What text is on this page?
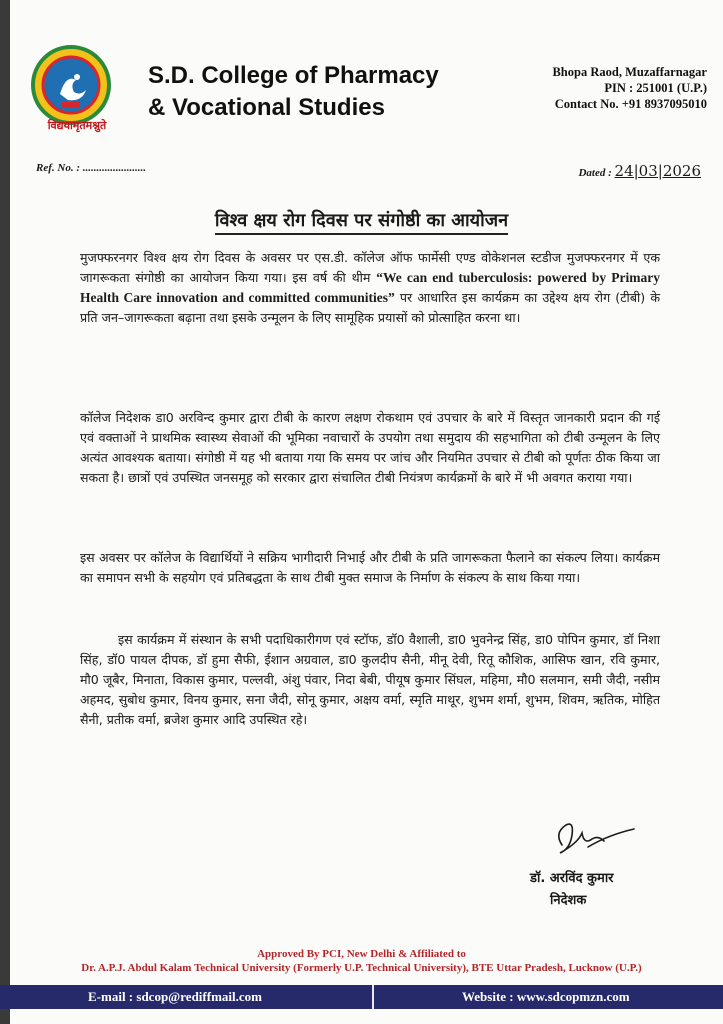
विद्ययामृतमश्नुते
S.D. College of Pharmacy
& Vocational Studies
Bhopa Raod, Muzaffarnagar
PIN : 251001 (U.P.)
Contact No. +91 8937095010
Ref. No. : .......................	Dated : 24|03|2026
विश्व क्षय रोग दिवस पर संगोष्ठी का आयोजन
मुजफ्फरनगर विश्व क्षय रोग दिवस के अवसर पर एस.डी. कॉलेज ऑफ फार्मेसी एण्ड वोकेशनल स्टडीज मुजफ्फरनगर में एक जागरूकता संगोष्ठी का आयोजन किया गया। इस वर्ष की थीम “We can end tuberculosis: powered by Primary Health Care innovation and committed communities” पर आधारित इस कार्यक्रम का उद्देश्य क्षय रोग (टीबी) के प्रति जन–जागरूकता बढ़ाना तथा इसके उन्मूलन के लिए सामूहिक प्रयासों को प्रोत्साहित करना था।
कॉलेज निदेशक डा0 अरविन्द कुमार द्वारा टीबी के कारण लक्षण रोकथाम एवं उपचार के बारे में विस्तृत जानकारी प्रदान की गई एवं वक्ताओं ने प्राथमिक स्वास्थ्य सेवाओं की भूमिका नवाचारों के उपयोग तथा समुदाय की सहभागिता को टीबी उन्मूलन के लिए अत्यंत आवश्यक बताया। संगोष्ठी में यह भी बताया गया कि समय पर जांच और नियमित उपचार से टीबी को पूर्णतः ठीक किया जा सकता है। छात्रों एवं उपस्थित जनसमूह को सरकार द्वारा संचालित टीबी नियंत्रण कार्यक्रमों के बारे में भी अवगत कराया गया।
इस अवसर पर कॉलेज के विद्यार्थियों ने सक्रिय भागीदारी निभाई और टीबी के प्रति जागरूकता फैलाने का संकल्प लिया। कार्यक्रम का समापन सभी के सहयोग एवं प्रतिबद्धता के साथ टीबी मुक्त समाज के निर्माण के संकल्प के साथ किया गया।
इस कार्यक्रम में संस्थान के सभी पदाधिकारीगण एवं स्टॉफ, डॉ0 वैशाली, डा0 भुवनेन्द्र सिंह, डा0 पोपिन कुमार, डॉ निशा सिंह, डॉ0 पायल दीपक, डॉ हुमा सैफी, ईशान अग्रवाल, डा0 कुलदीप सैनी, मीनू देवी, रितू कौशिक, आसिफ खान, रवि कुमार, मौ0 जूबैर, मिनाता, विकास कुमार, पल्लवी, अंशु पंवार, निदा बेबी, पीयूष कुमार सिंघल, महिमा, मौ0 सलमान, समी जैदी, नसीम अहमद, सुबोध कुमार, विनय कुमार, सना जैदी, सोनू कुमार, अक्षय वर्मा, स्मृति माथूर, शुभम शर्मा, शुभम, शिवम, ऋतिक, मोहित सैनी, प्रतीक वर्मा, ब्रजेश कुमार आदि उपस्थित रहे।
डॉ. अरविंद कुमार
निदेशक
Approved By PCI, New Delhi & Affiliated to
Dr. A.P.J. Abdul Kalam Technical University (Formerly U.P. Technical University), BTE Uttar Pradesh, Lucknow (U.P.)
E-mail : sdcop@rediffmail.com	Website : www.sdcopmzn.com
